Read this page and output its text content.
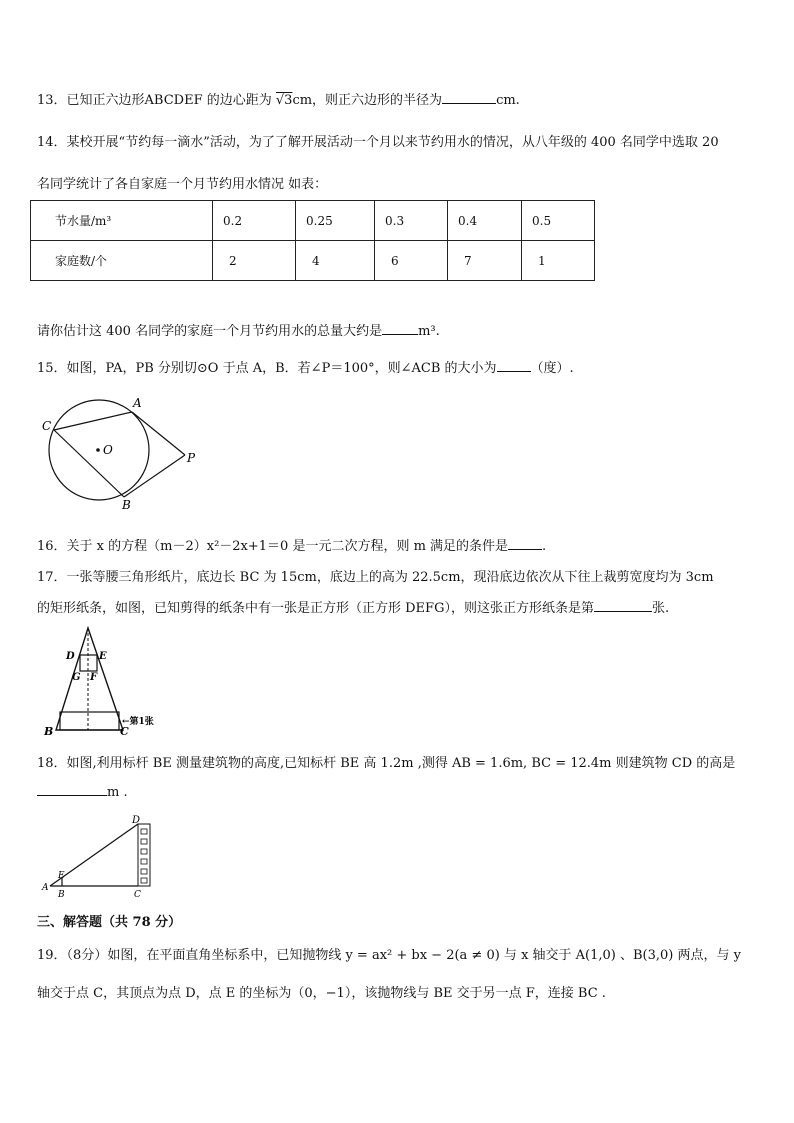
13．已知正六边形ABCDEF 的边心距为 √3cm，则正六边形的半径为	cm.
14．某校开展“节约每一滴水”活动，为了了解开展活动一个月以来节约用水的情况，从八年级的 400 名同学中选取 20
名同学统计了各自家庭一个月节约用水情况 如表：
节水量/m³	0.2	0.25	0.3	0.4	0.5
家庭数/个	2	4	6	7	1
请你估计这 400 名同学的家庭一个月节约用水的总量大约是	m³.
15．如图，PA，PB 分别切⊙O 于点 A，B．若∠P＝100°，则∠ACB 的大小为	（度）.
A
C
O
P
B
16．关于 x 的方程（m－2）x²－2x+1＝0 是一元二次方程，则 m 满足的条件是	.
17．一张等腰三角形纸片，底边长 BC 为 15cm，底边上的高为 22.5cm，现沿底边依次从下往上裁剪宽度均为 3cm
的矩形纸条，如图，已知剪得的纸条中有一张是正方形（正方形 DEFG），则这张正方形纸条是第	张.
D E
G F
B	C
←第1张
18．如图,利用标杆 BE 测量建筑物的高度,已知标杆 BE 高 1.2m ,测得 AB = 1.6m, BC = 12.4m 则建筑物 CD 的高是
m .
D
E
A
B	C
三、解答题（共 78 分）
19．（8分）如图，在平面直角坐标系中，已知抛物线 y = ax² + bx − 2(a ≠ 0) 与 x 轴交于 A(1,0) 、B(3,0) 两点，与 y
轴交于点 C，其顶点为点 D，点 E 的坐标为（0，−1），该抛物线与 BE 交于另一点 F，连接 BC .
